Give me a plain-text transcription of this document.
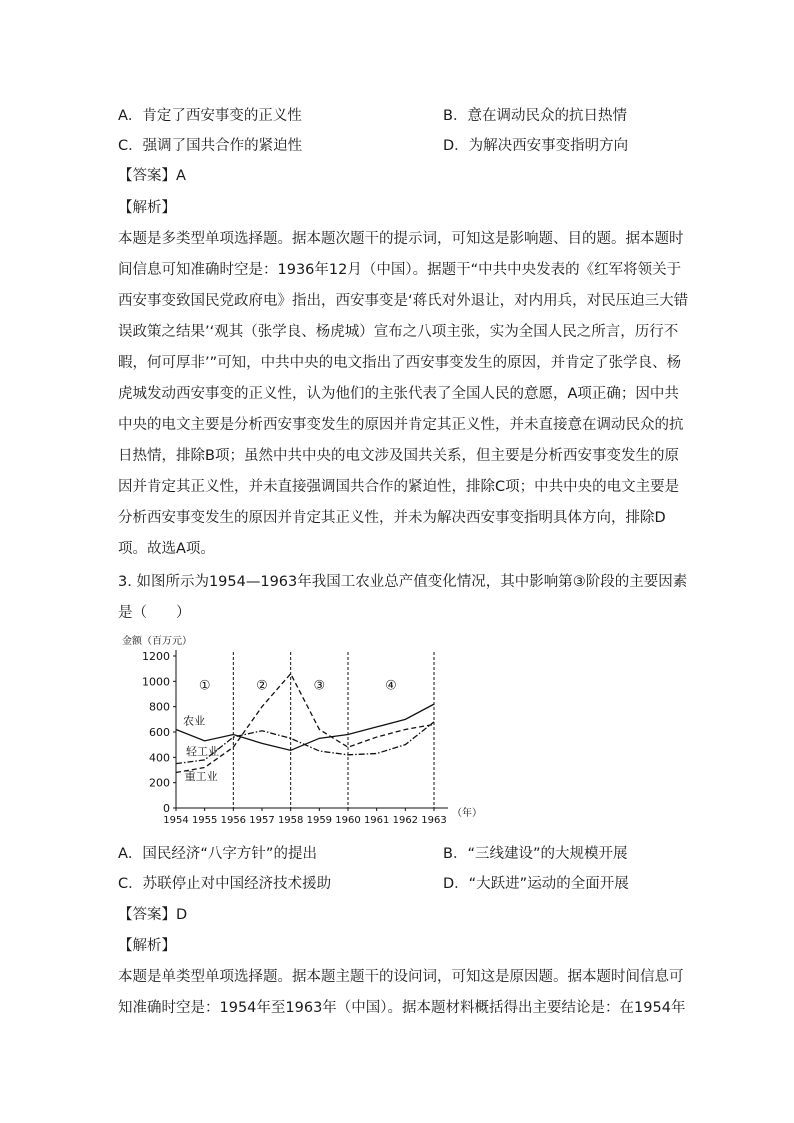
A．肯定了西安事变的正义性	B．意在调动民众的抗日热情
C．强调了国共合作的紧迫性	D．为解决西安事变指明方向
【答案】A
【解析】
本题是多类型单项选择题。据本题次题干的提示词，可知这是影响题、目的题。据本题时
间信息可知准确时空是：1936年12月（中国）。据题干“中共中央发表的《红军将领关于
西安事变致国民党政府电》指出，西安事变是‘蒋氏对外退让，对内用兵，对民压迫三大错
误政策之结果’‘观其（张学良、杨虎城）宣布之八项主张，实为全国人民之所言，历行不
暇，何可厚非’”可知，中共中央的电文指出了西安事变发生的原因，并肯定了张学良、杨
虎城发动西安事变的正义性，认为他们的主张代表了全国人民的意愿，A项正确；因中共
中央的电文主要是分析西安事变发生的原因并肯定其正义性，并未直接意在调动民众的抗
日热情，排除B项；虽然中共中央的电文涉及国共关系，但主要是分析西安事变发生的原
因并肯定其正义性，并未直接强调国共合作的紧迫性，排除C项；中共中央的电文主要是
分析西安事变发生的原因并肯定其正义性，并未为解决西安事变指明具体方向，排除D
项。故选A项。
3. 如图所示为1954—1963年我国工农业总产值变化情况，其中影响第③阶段的主要因素
是（　　）
金额（百万元）
（年）
0
200
400
600
800
1000
1200
1954 1955 1956 1957 1958 1959 1960 1961 1962 1963
①	②	③	④
农业
轻工业
重工业
A．国民经济“八字方针”的提出	B．“三线建设”的大规模开展
C．苏联停止对中国经济技术援助	D．“大跃进”运动的全面开展
【答案】D
【解析】
本题是单类型单项选择题。据本题主题干的设问词，可知这是原因题。据本题时间信息可
知准确时空是：1954年至1963年（中国）。据本题材料概括得出主要结论是：在1954年
